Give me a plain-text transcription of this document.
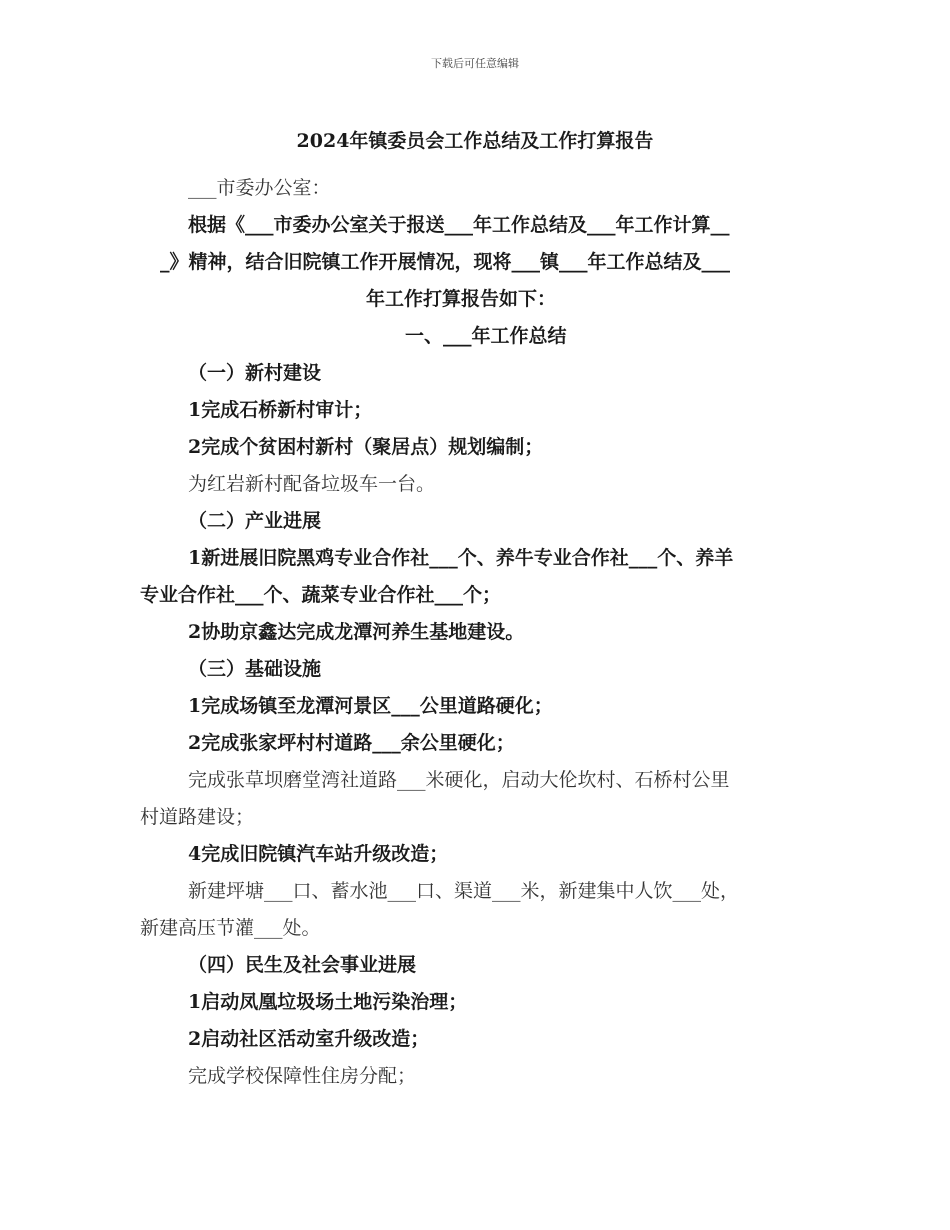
下载后可任意编辑
2024年镇委员会工作总结及工作打算报告
___市委办公室：
根据《___市委办公室关于报送___年工作总结及___年工作计算__
_》精神，结合旧院镇工作开展情况，现将___镇___年工作总结及___
年工作打算报告如下：
一、___年工作总结
（一）新村建设
1完成石桥新村审计；
2完成个贫困村新村（聚居点）规划编制；
为红岩新村配备垃圾车一台。
（二）产业进展
1新进展旧院黑鸡专业合作社___个、养牛专业合作社___个、养羊
专业合作社___个、蔬菜专业合作社___个；
2协助京鑫达完成龙潭河养生基地建设。
（三）基础设施
1完成场镇至龙潭河景区___公里道路硬化；
2完成张家坪村村道路___余公里硬化；
完成张草坝磨堂湾社道路___米硬化，启动大伦坎村、石桥村公里
村道路建设；
4完成旧院镇汽车站升级改造；
新建坪塘___口、蓄水池___口、渠道___米，新建集中人饮___处，
新建高压节灌___处。
（四）民生及社会事业进展
1启动凤凰垃圾场土地污染治理；
2启动社区活动室升级改造；
完成学校保障性住房分配；
